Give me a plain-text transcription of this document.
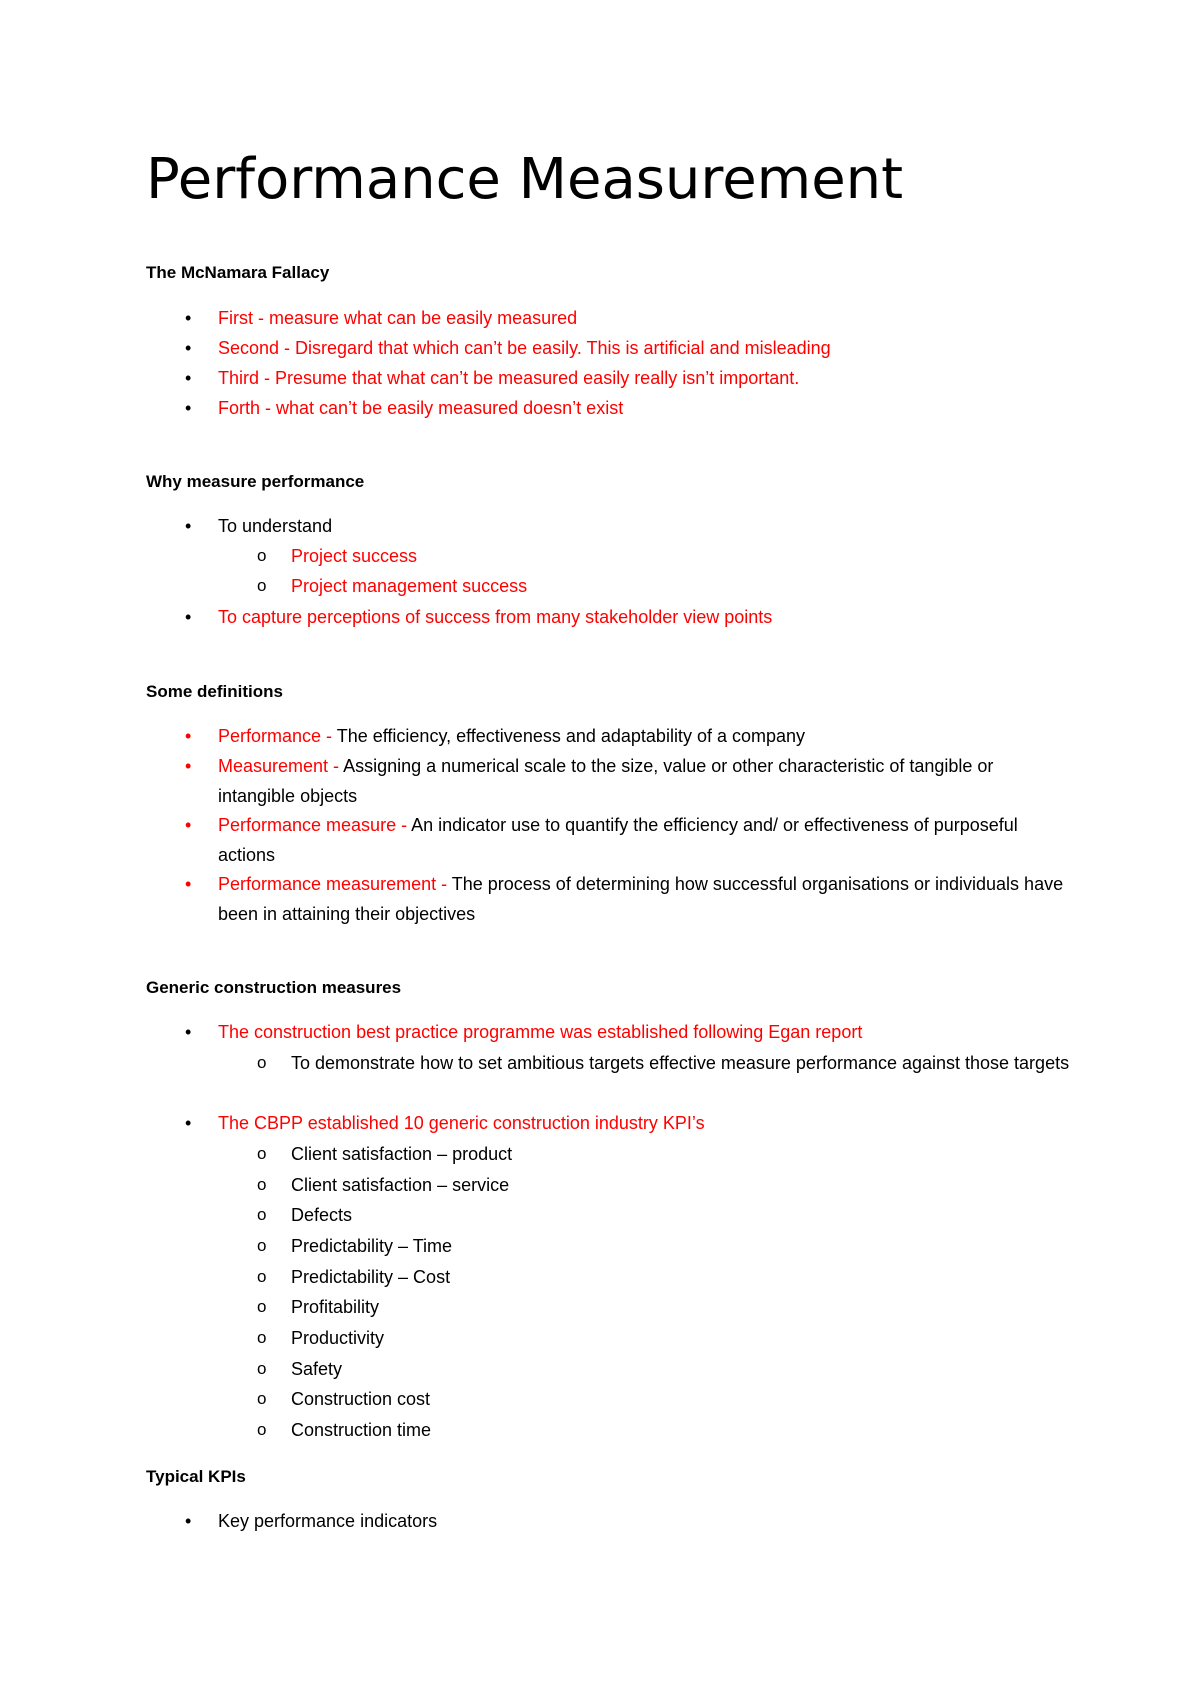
Performance Measurement
The McNamara Fallacy
• First - measure what can be easily measured
• Second - Disregard that which can’t be easily. This is artificial and misleading
• Third - Presume that what can’t be measured easily really isn’t important.
• Forth - what can’t be easily measured doesn’t exist
Why measure performance
• To understand
o Project success
o Project management success
• To capture perceptions of success from many stakeholder view points
Some definitions
• Performance - The efficiency, effectiveness and adaptability of a company
• Measurement - Assigning a numerical scale to the size, value or other characteristic of tangible or intangible objects
• Performance measure - An indicator use to quantify the efficiency and/ or effectiveness of purposeful actions
• Performance measurement - The process of determining how successful organisations or individuals have been in attaining their objectives
Generic construction measures
• The construction best practice programme was established following Egan report
o To demonstrate how to set ambitious targets effective measure performance against those targets
• The CBPP established 10 generic construction industry KPI’s
o Client satisfaction – product
o Client satisfaction – service
o Defects
o Predictability – Time
o Predictability – Cost
o Profitability
o Productivity
o Safety
o Construction cost
o Construction time
Typical KPIs
• Key performance indicators
